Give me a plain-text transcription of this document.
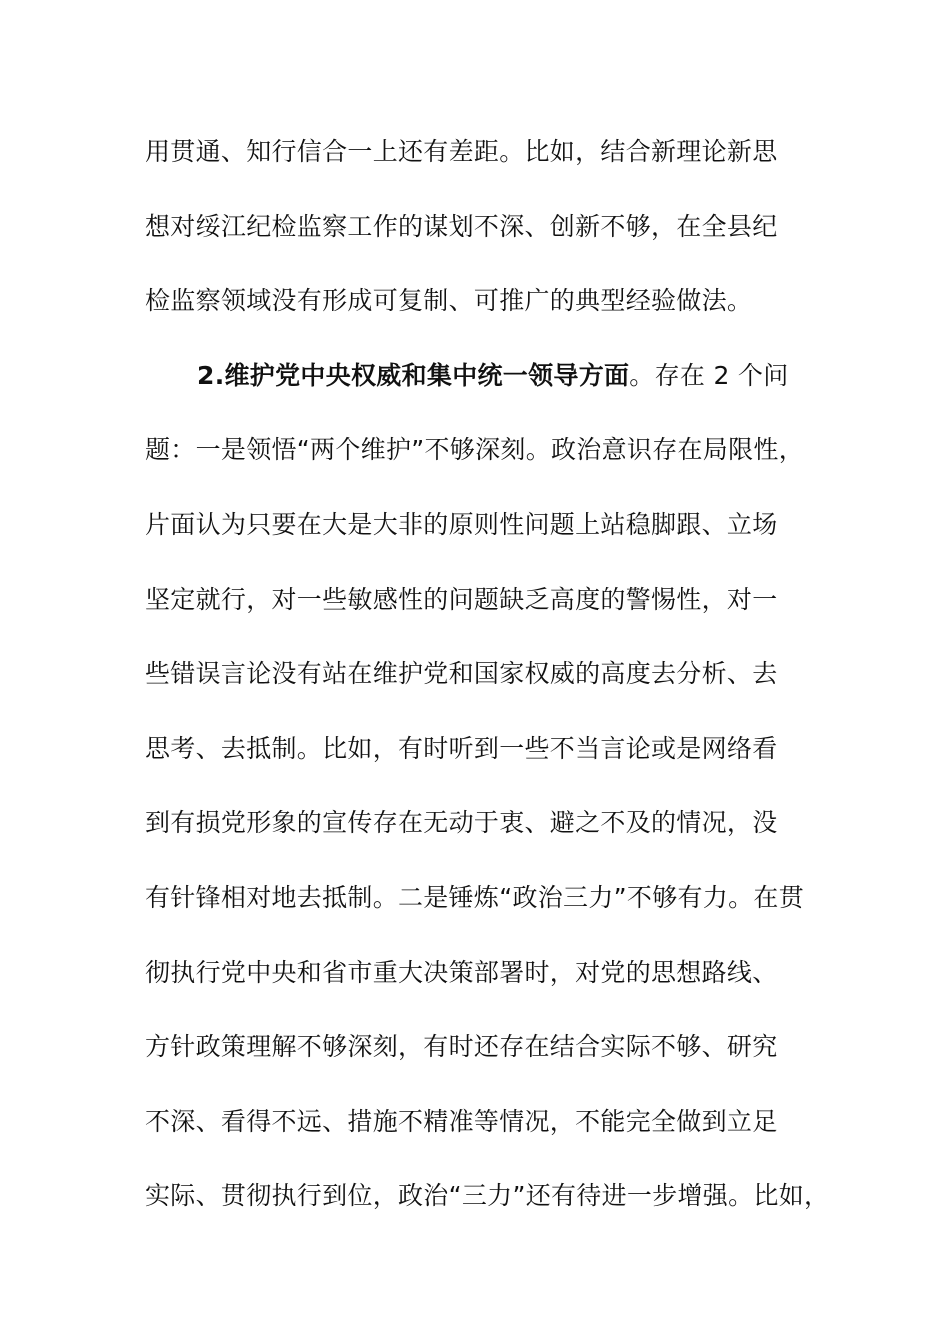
用贯通、知行信合一上还有差距。比如，结合新理论新思
想对绥江纪检监察工作的谋划不深、创新不够，在全县纪
检监察领域没有形成可复制、可推广的典型经验做法。
2.维护党中央权威和集中统一领导方面。存在 2 个问
题：一是领悟“两个维护”不够深刻。政治意识存在局限性，
片面认为只要在大是大非的原则性问题上站稳脚跟、立场
坚定就行，对一些敏感性的问题缺乏高度的警惕性，对一
些错误言论没有站在维护党和国家权威的高度去分析、去
思考、去抵制。比如，有时听到一些不当言论或是网络看
到有损党形象的宣传存在无动于衷、避之不及的情况，没
有针锋相对地去抵制。二是锤炼“政治三力”不够有力。在贯
彻执行党中央和省市重大决策部署时，对党的思想路线、
方针政策理解不够深刻，有时还存在结合实际不够、研究
不深、看得不远、措施不精准等情况，不能完全做到立足
实际、贯彻执行到位，政治“三力”还有待进一步增强。比如，
